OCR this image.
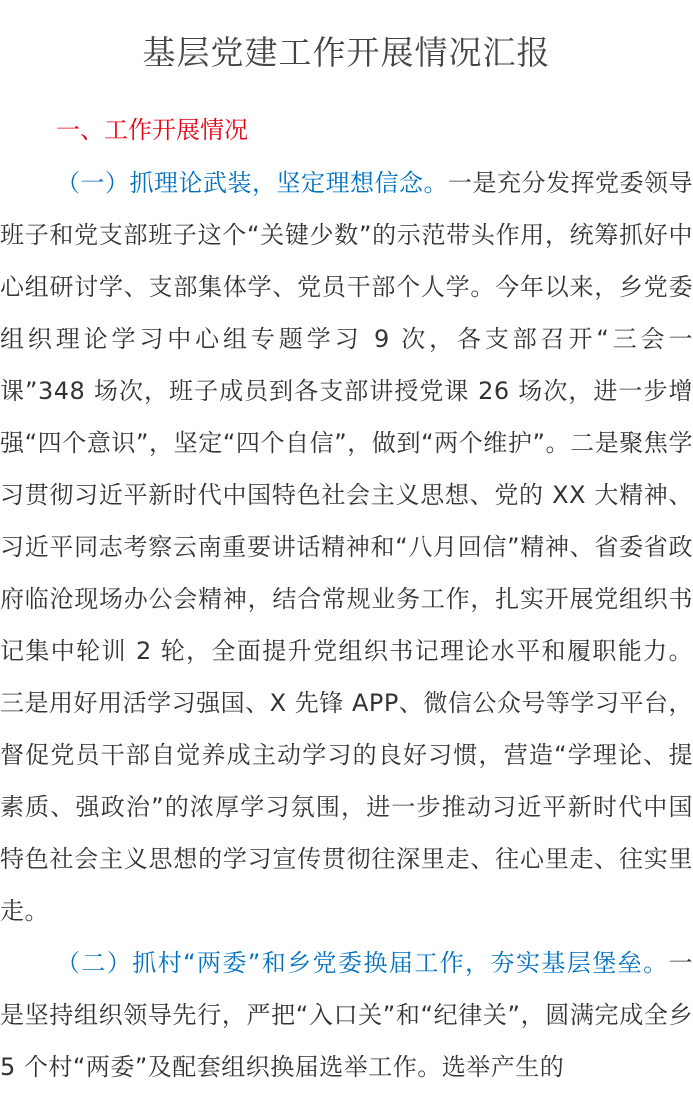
基层党建工作开展情况汇报
一、工作开展情况

（一）抓理论武装，坚定理想信念。一是充分发挥党委领导班子和党支部班子这个“关键少数”的示范带头作用，统筹抓好中心组研讨学、支部集体学、党员干部个人学。今年以来，乡党委组织理论学习中心组专题学习 9 次，各支部召开“三会一课”348 场次，班子成员到各支部讲授党课 26 场次，进一步增强“四个意识”，坚定“四个自信”，做到“两个维护”。二是聚焦学习贯彻习近平新时代中国特色社会主义思想、党的 XX 大精神、习近平同志考察云南重要讲话精神和“八月回信”精神、省委省政府临沧现场办公会精神，结合常规业务工作，扎实开展党组织书记集中轮训 2 轮，全面提升党组织书记理论水平和履职能力。三是用好用活学习强国、X 先锋 APP、微信公众号等学习平台，督促党员干部自觉养成主动学习的良好习惯，营造“学理论、提素质、强政治”的浓厚学习氛围，进一步推动习近平新时代中国特色社会主义思想的学习宣传贯彻往深里走、往心里走、往实里走。

（二）抓村“两委”和乡党委换届工作，夯实基层堡垒。一是坚持组织领导先行，严把“入口关”和“纪律关”，圆满完成全乡 5 个村“两委”及配套组织换届选举工作。选举产生的
